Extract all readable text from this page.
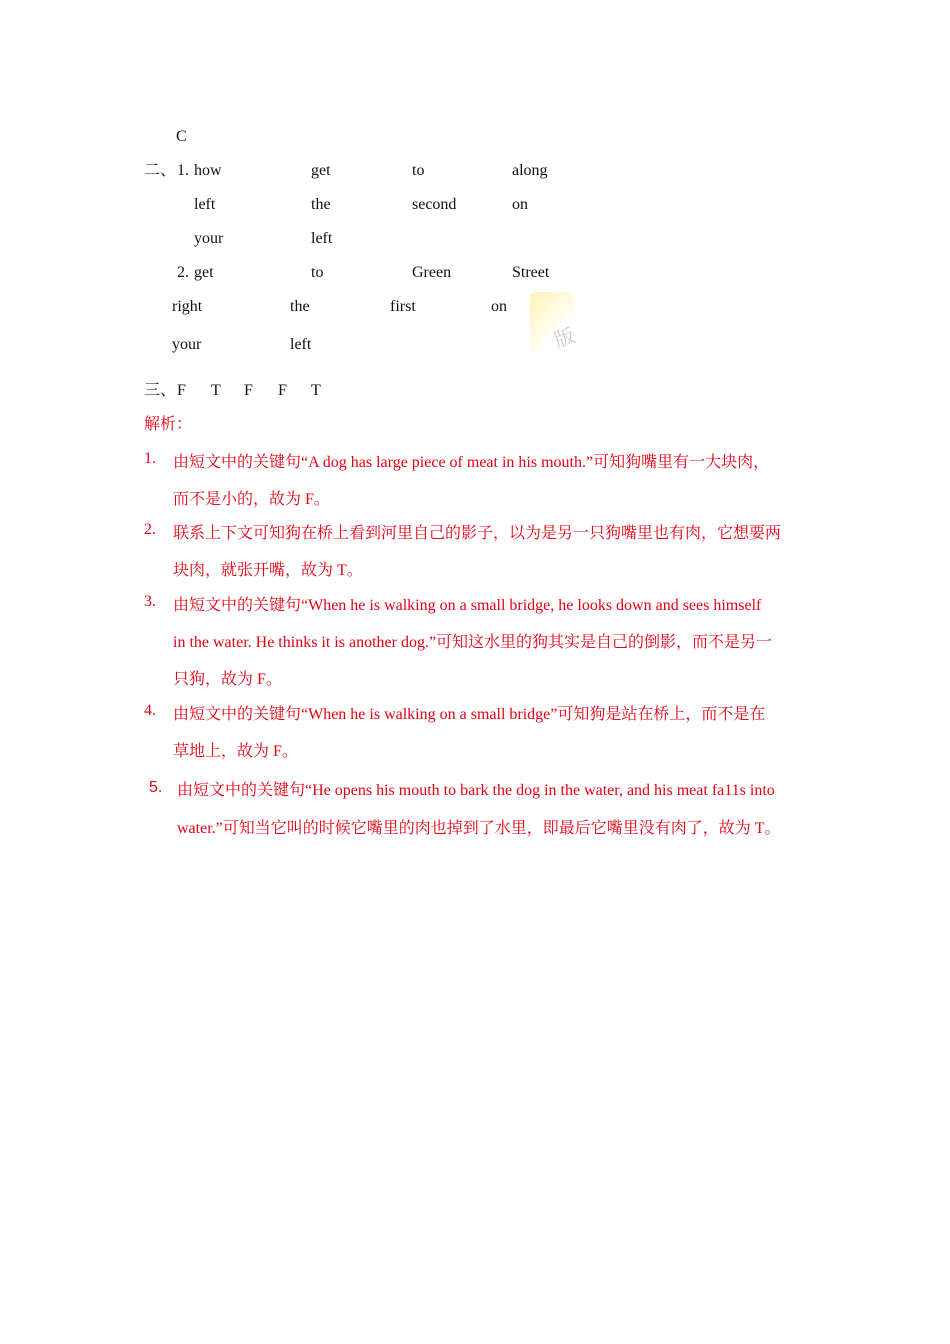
C
二、 1. how	get	to	along
left	the	second	on
your	left
2. get	to	Green	Street
right	the	first	on
your	left	版
三、 F T F F T
解析：
1. 由短文中的关键句“A dog has large piece of meat in his mouth.”可知狗嘴里有一大块肉，
而不是小的，故为 F。
2. 联系上下文可知狗在桥上看到河里自己的影子，以为是另一只狗嘴里也有肉，它想要两
块肉，就张开嘴，故为 T。
3. 由短文中的关键句“When he is walking on a small bridge, he looks down and sees himself
in the water. He thinks it is another dog.”可知这水里的狗其实是自己的倒影，而不是另一
只狗，故为 F。
4. 由短文中的关键句“When he is walking on a small bridge”可知狗是站在桥上，而不是在
草地上，故为 F。
5. 由短文中的关键句“He opens his mouth to bark the dog in the water, and his meat fa11s into
water.”可知当它叫的时候它嘴里的肉也掉到了水里，即最后它嘴里没有肉了，故为 T。
